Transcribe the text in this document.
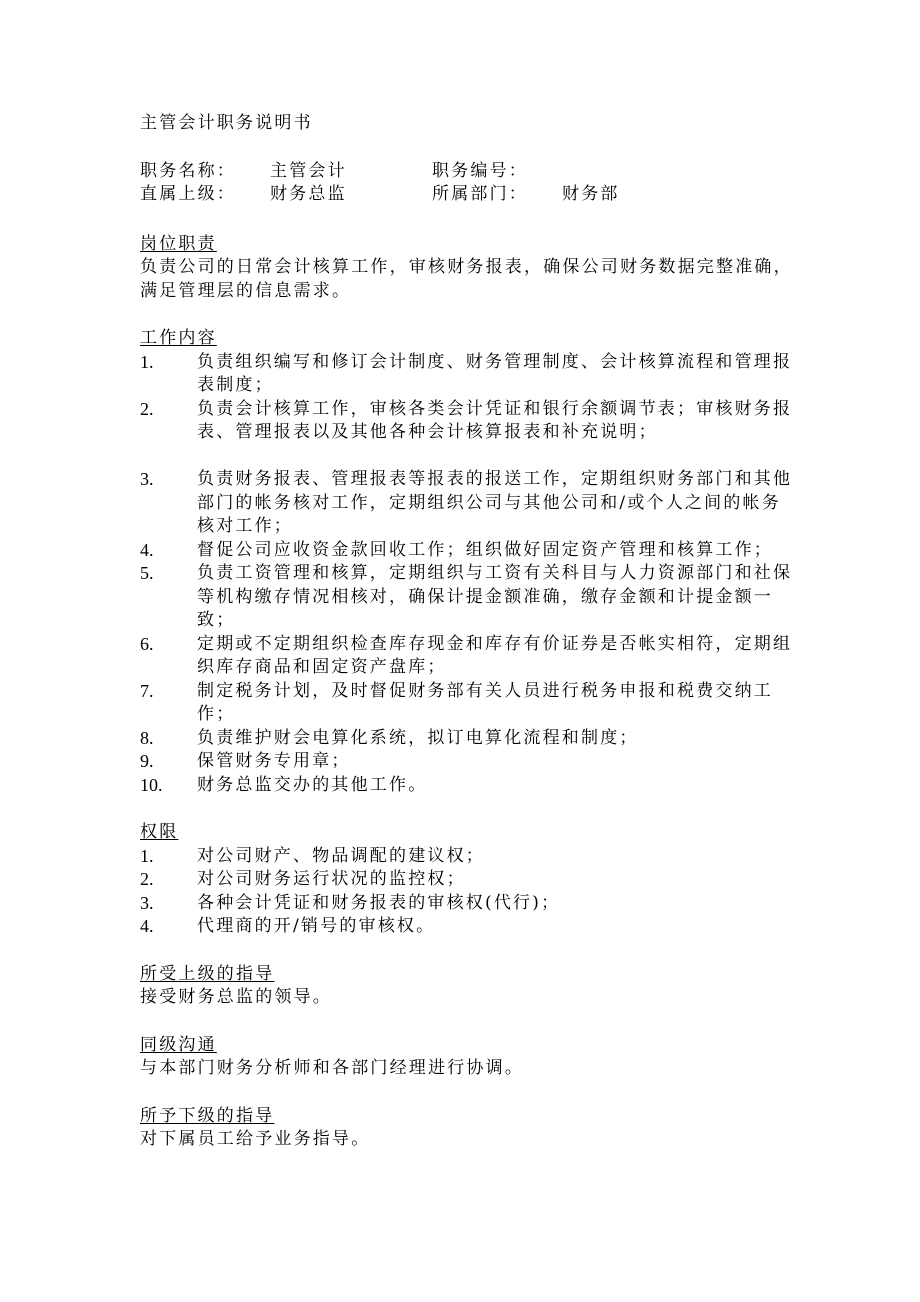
主管会计职务说明书
职务名称：	主管会计	职务编号：
直属上级：	财务总监	所属部门：	财务部
岗位职责

负责公司的日常会计核算工作，审核财务报表，确保公司财务数据完整准确，满足管理层的信息需求。

工作内容
1.	负责组织编写和修订会计制度、财务管理制度、会计核算流程和管理报表制度；
2.	负责会计核算工作，审核各类会计凭证和银行余额调节表；审核财务报表、管理报表以及其他各种会计核算报表和补充说明；
3.	负责财务报表、管理报表等报表的报送工作，定期组织财务部门和其他部门的帐务核对工作，定期组织公司与其他公司和/或个人之间的帐务核对工作；
4.	督促公司应收资金款回收工作；组织做好固定资产管理和核算工作；
5.	负责工资管理和核算，定期组织与工资有关科目与人力资源部门和社保等机构缴存情况相核对，确保计提金额准确，缴存金额和计提金额一致；
6.	定期或不定期组织检查库存现金和库存有价证券是否帐实相符，定期组织库存商品和固定资产盘库；
7.	制定税务计划，及时督促财务部有关人员进行税务申报和税费交纳工作；
8.	负责维护财会电算化系统，拟订电算化流程和制度；
9.	保管财务专用章；
10.	财务总监交办的其他工作。
权限
1.	对公司财产、物品调配的建议权；
2.	对公司财务运行状况的监控权；
3.	各种会计凭证和财务报表的审核权(代行)；
4.	代理商的开/销号的审核权。
所受上级的指导

接受财务总监的领导。

同级沟通

与本部门财务分析师和各部门经理进行协调。

所予下级的指导

对下属员工给予业务指导。
